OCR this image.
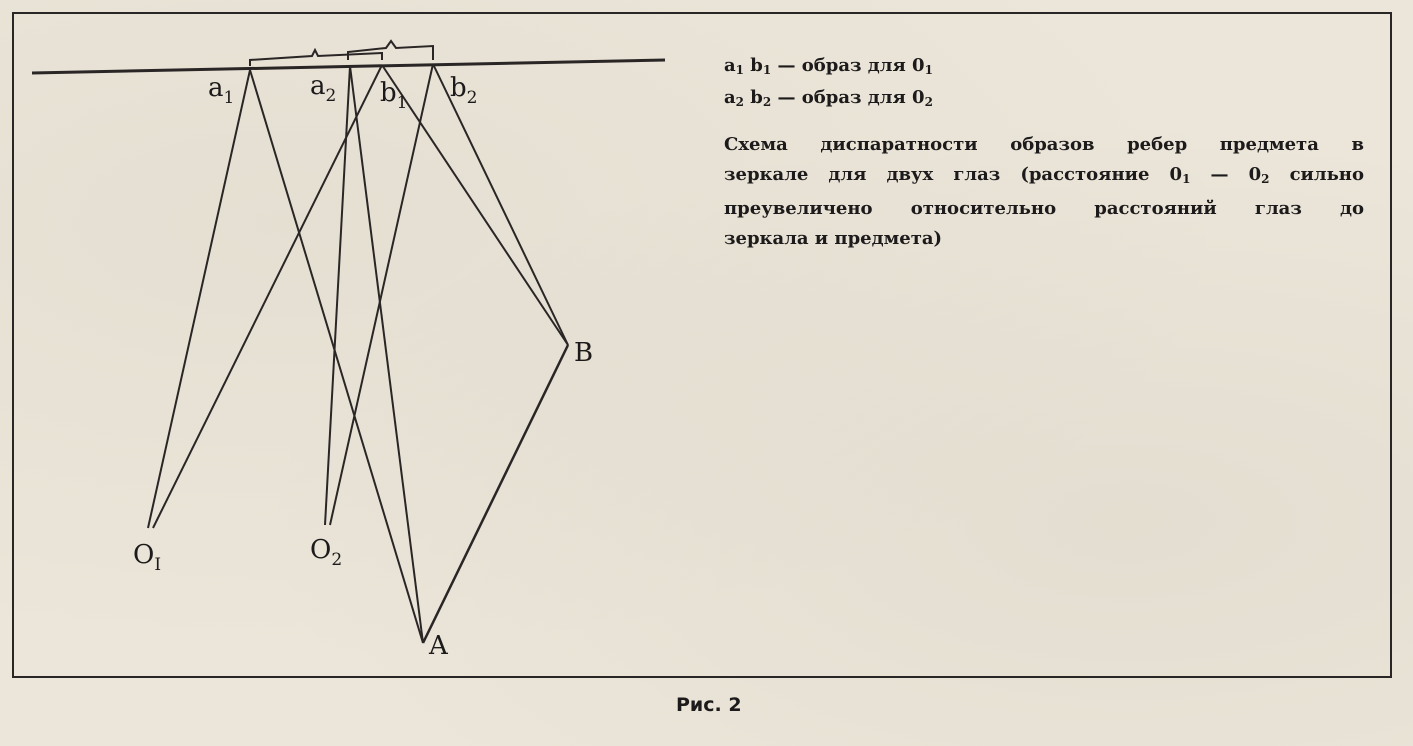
$a_1$	$a_2$ $b_1$ $b_2$
$O_I$	$O_2$
A
B
$a_1$ $b_1$ — образ для $0_1$
$a_2$ $b_2$ — образ для $0_2$
Схема диспаратности образов ребер предмета в
зеркале для двух глаз (расстояние $0_1$ — $0_2$ сильно
преувеличено относительно расстояний глаз до
зеркала и предмета)
Рис. 2
